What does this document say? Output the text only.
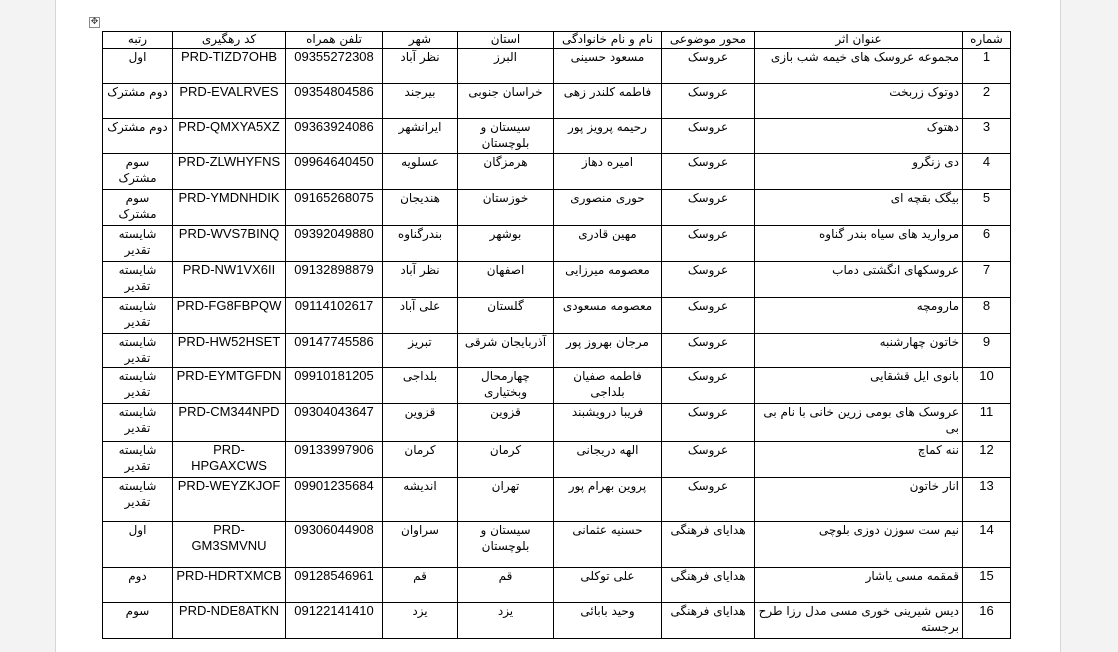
✥
شماره	عنوان اثر	محور موضوعی	نام و نام خانوادگی	استان	شهر	تلفن همراه	کد رهگیری	رتبه
1	مجموعه عروسک های خیمه شب بازی	عروسک	مسعود حسینی	البرز	نظر آباد	09355272308	PRD-TIZD7OHB	اول
2	دوتوک زربخت	عروسک	فاطمه کلندر زهی	خراسان جنوبی	بیرجند	09354804586	PRD-EVALRVES	دوم مشترک
3	دهتوک	عروسک	رحیمه پرویز پور	سیستان و بلوچستان	ایرانشهر	09363924086	PRD-QMXYA5XZ	دوم مشترک
4	دی زنگرو	عروسک	امیره دهاز	هرمزگان	عسلویه	09964640450	PRD-ZLWHYFNS	سوم مشترک
5	بیگک بقچه ای	عروسک	حوری منصوری	خوزستان	هندیجان	09165268075	PRD-YMDNHDIK	سوم مشترک
6	مروارید های سیاه بندر گناوه	عروسک	مهین قادری	بوشهر	بندرگناوه	09392049880	PRD-WVS7BINQ	شایسته تقدیر
7	عروسکهای انگشتی دماب	عروسک	معصومه میرزایی	اصفهان	نظر آباد	09132898879	PRD-NW1VX6II	شایسته تقدیر
8	مارومچه	عروسک	معصومه مسعودی	گلستان	علی آباد	09114102617	PRD-FG8FBPQW	شایسته تقدیر
9	خاتون چهارشنبه	عروسک	مرجان بهروز پور	آذربایجان شرقی	تبریز	09147745586	PRD-HW52HSET	شایسته تقدیر
10	بانوی ایل قشقایی	عروسک	فاطمه صفیان بلداجی	چهارمحال وبختیاری	بلداجی	09910181205	PRD-EYMTGFDN	شایسته تقدیر
11	عروسک های بومی زرین خانی با نام بی بی	عروسک	فریبا درویشبند	قزوین	قزوین	09304043647	PRD-CM344NPD	شایسته تقدیر
12	ننه کماچ	عروسک	الهه دریجانی	کرمان	کرمان	09133997906	PRD-HPGAXCWS	شایسته تقدیر
13	انار خاتون	عروسک	پروین بهرام پور	تهران	اندیشه	09901235684	PRD-WEYZKJOF	شایسته تقدیر
14	نیم ست سوزن دوزی بلوچی	هدایای فرهنگی	حسنیه عثمانی	سیستان و بلوچستان	سراوان	09306044908	PRD-GM3SMVNU	اول
15	قمقمه مسی یاشار	هدایای فرهنگی	علی توکلی	قم	قم	09128546961	PRD-HDRTXMCB	دوم
16	دیس شیرینی خوری مسی مدل رزا طرح برجسته	هدایای فرهنگی	وحید بابائی	یزد	یزد	09122141410	PRD-NDE8ATKN	سوم
